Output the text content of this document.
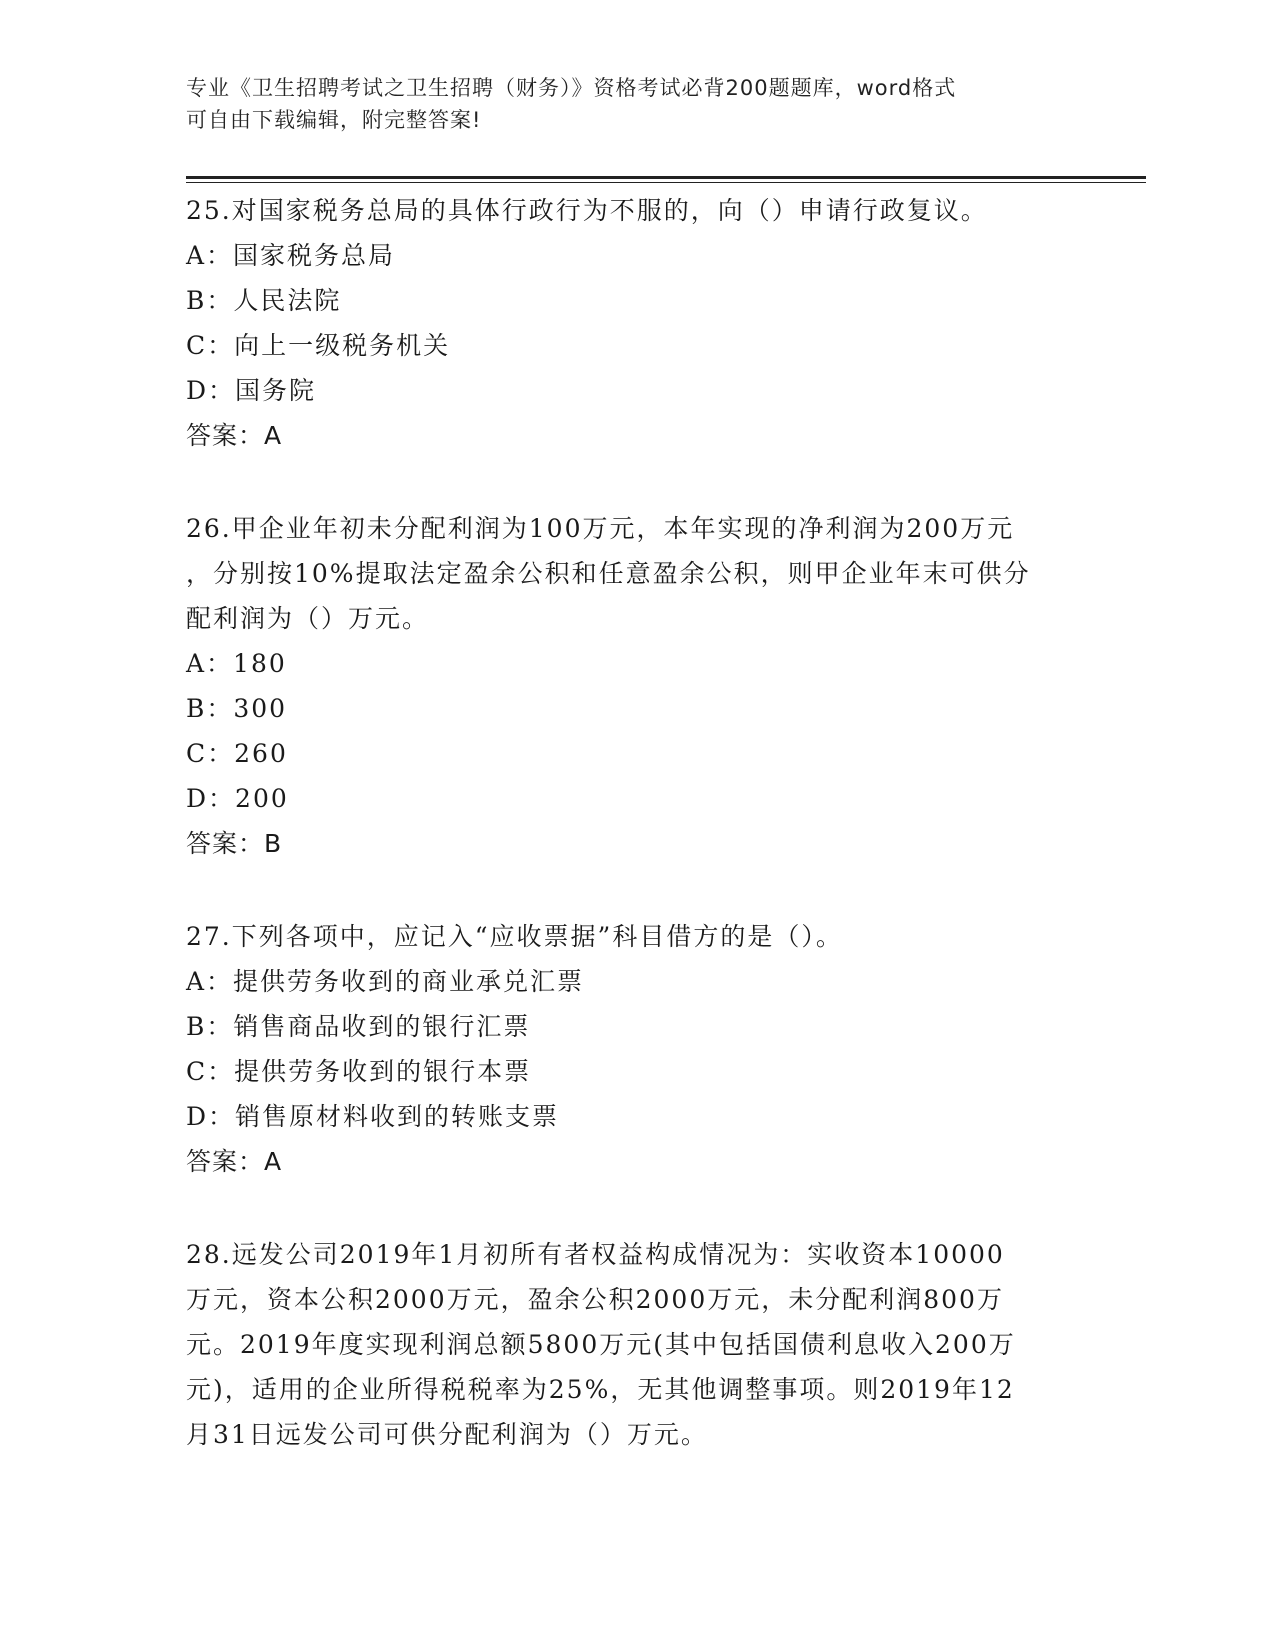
专业《卫生招聘考试之卫生招聘（财务）》资格考试必背200题题库，word格式
可自由下载编辑，附完整答案!

25.对国家税务总局的具体行政行为不服的，向（）申请行政复议。

A：国家税务总局

B：人民法院

C：向上一级税务机关

D：国务院

答案：A

26.甲企业年初未分配利润为100万元，本年实现的净利润为200万元

，分别按10%提取法定盈余公积和任意盈余公积，则甲企业年末可供分

配利润为（）万元。

A：180

B：300

C：260

D：200

答案：B

27.下列各项中，应记入“应收票据”科目借方的是（）。

A：提供劳务收到的商业承兑汇票

B：销售商品收到的银行汇票

C：提供劳务收到的银行本票

D：销售原材料收到的转账支票

答案：A

28.远发公司2019年1月初所有者权益构成情况为：实收资本10000

万元，资本公积2000万元，盈余公积2000万元，未分配利润800万

元。2019年度实现利润总额5800万元(其中包括国债利息收入200万

元)，适用的企业所得税税率为25%，无其他调整事项。则2019年12

月31日远发公司可供分配利润为（）万元。
